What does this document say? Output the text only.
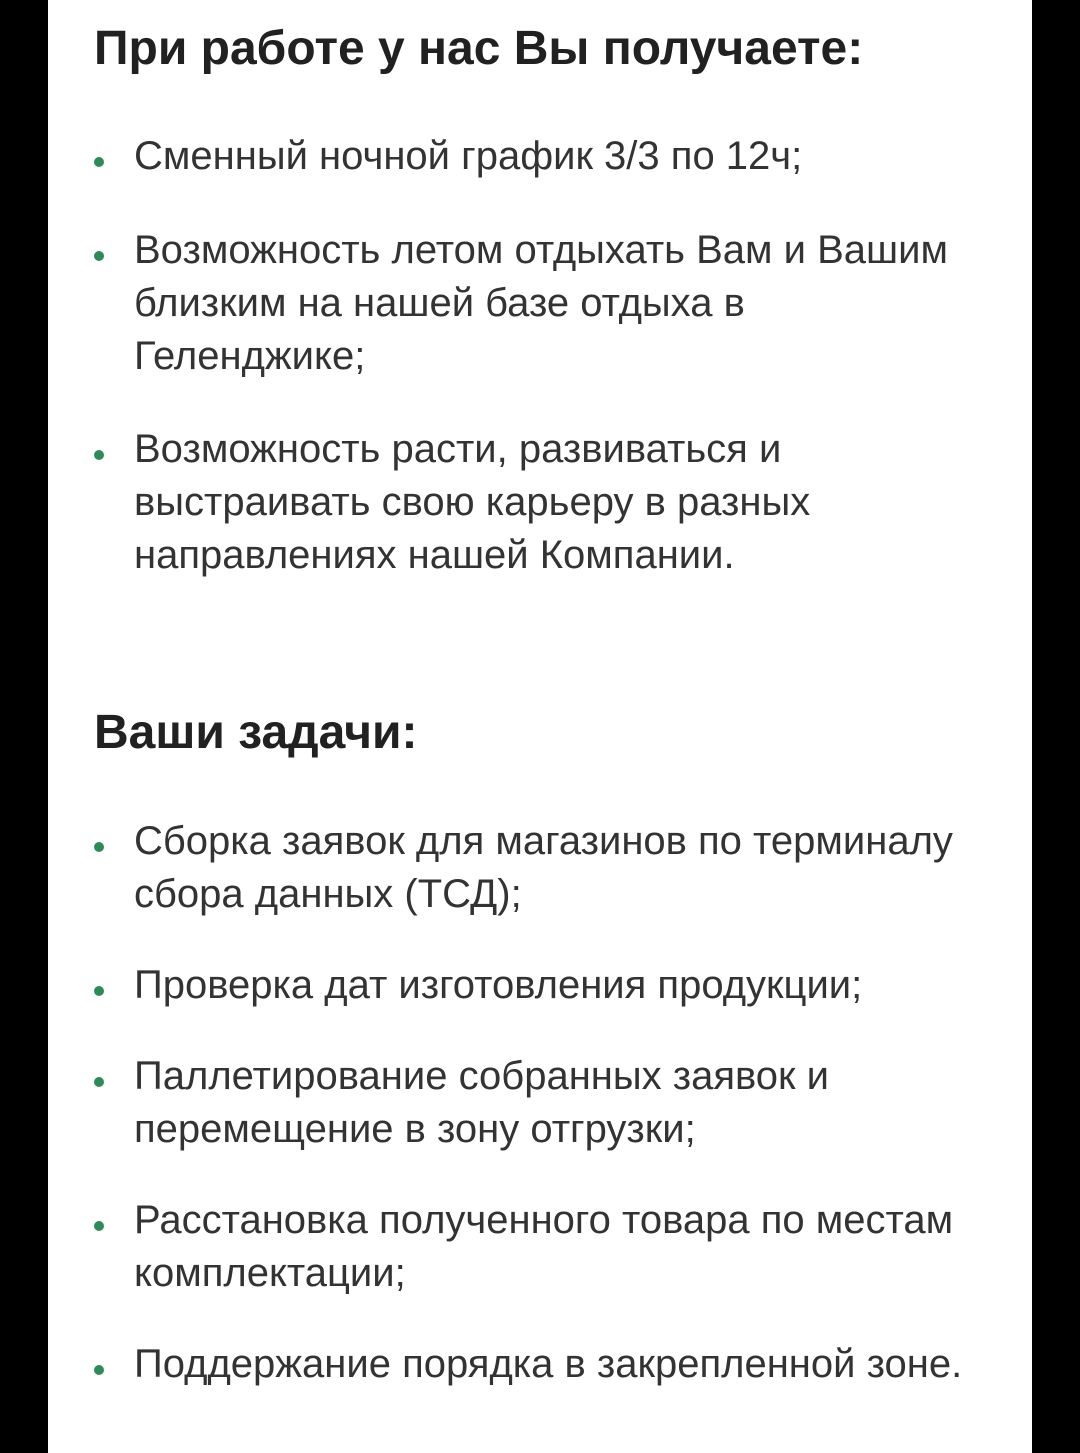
При работе у нас Вы получаете:
Сменный ночной график 3/3 по 12ч;
Возможность летом отдыхать Вам и Вашим близким на нашей базе отдыха в Геленджике;
Возможность расти, развиваться и выстраивать свою карьеру в разных направлениях нашей Компании.
Ваши задачи:
Сборка заявок для магазинов по терминалу сбора данных (ТСД);
Проверка дат изготовления продукции;
Паллетирование собранных заявок и перемещение в зону отгрузки;
Расстановка полученного товара по местам комплектации;
Поддержание порядка в закрепленной зоне.
